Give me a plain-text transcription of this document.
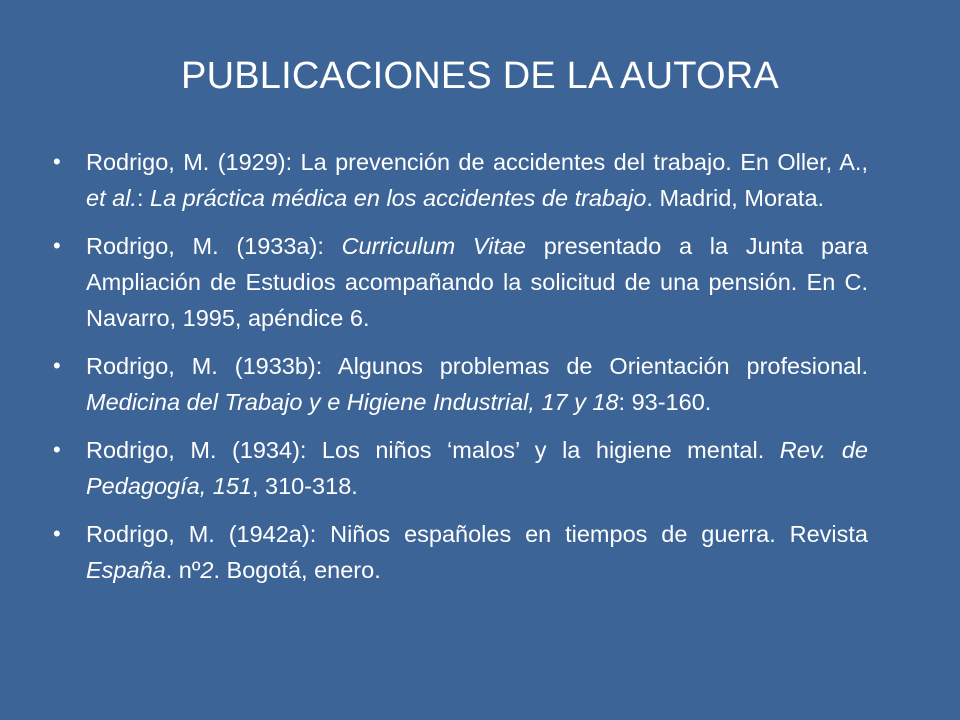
PUBLICACIONES DE LA AUTORA
• Rodrigo, M. (1929): La prevención de accidentes del trabajo. En Oller, A., et al.: La práctica médica en los accidentes de trabajo. Madrid, Morata.
• Rodrigo, M. (1933a): Curriculum Vitae presentado a la Junta para Ampliación de Estudios acompañando la solicitud de una pensión. En C. Navarro, 1995, apéndice 6.
• Rodrigo, M. (1933b): Algunos problemas de Orientación profesional. Medicina del Trabajo y e Higiene Industrial, 17 y 18: 93-160.
• Rodrigo, M. (1934): Los niños ‘malos’ y la higiene mental. Rev. de Pedagogía, 151, 310-318.
• Rodrigo, M. (1942a): Niños españoles en tiempos de guerra. Revista España. nº2. Bogotá, enero.
